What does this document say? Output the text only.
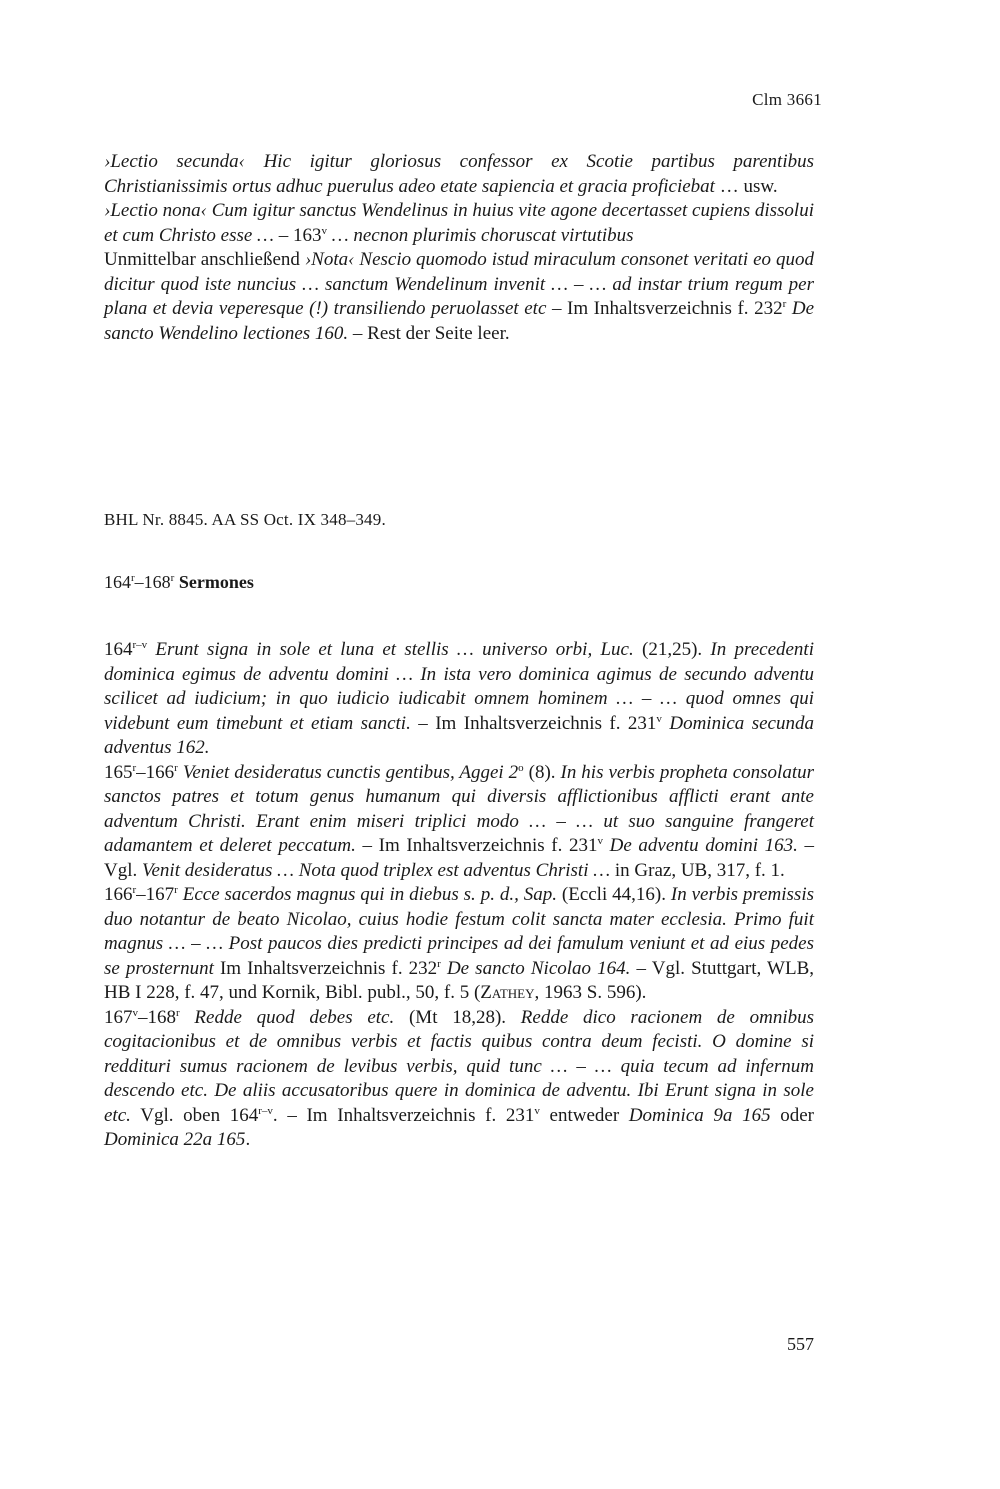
Clm 3661

›Lectio secunda‹ Hic igitur gloriosus confessor ex Scotie partibus parentibus Christianissimis ortus adhuc puerulus adeo etate sapiencia et gracia proficiebat … usw.

›Lectio nona‹ Cum igitur sanctus Wendelinus in huius vite agone decertasset cupiens dissolui et cum Christo esse … – 163$^v$ … necnon plurimis choruscat virtutibus

Unmittelbar anschließend ›Nota‹ Nescio quomodo istud miraculum consonet veritati eo quod dicitur quod iste nuncius … sanctum Wendelinum invenit … – … ad instar trium regum per plana et devia veperesque (!) transiliendo peruolasset etc – Im Inhaltsverzeichnis f. 232$^r$ De sancto Wendelino lectiones 160. – Rest der Seite leer.

BHL Nr. 8845. AA SS Oct. IX 348–349.
164$^r$–168$^r$ Sermones

164$^{r-v}$ Erunt signa in sole et luna et stellis … universo orbi, Luc. (21,25). In precedenti dominica egimus de adventu domini … In ista vero dominica agimus de secundo adventu scilicet ad iudicium; in quo iudicio iudicabit omnem hominem … – … quod omnes qui videbunt eum timebunt et etiam sancti. – Im Inhaltsverzeichnis f. 231$^v$ Dominica secunda adventus 162.

165$^r$–166$^r$ Veniet desideratus cunctis gentibus, Aggei 2$^o$ (8). In his verbis propheta consolatur sanctos patres et totum genus humanum qui diversis afflictionibus afflicti erant ante adventum Christi. Erant enim miseri triplici modo … – … ut suo sanguine frangeret adamantem et deleret peccatum. – Im Inhaltsverzeichnis f. 231$^v$ De adventu domini 163. – Vgl. Venit desideratus … Nota quod triplex est adventus Christi … in Graz, UB, 317, f. 1.

166$^r$–167$^r$ Ecce sacerdos magnus qui in diebus s. p. d., Sap. (Eccli 44,16). In verbis premissis duo notantur de beato Nicolao, cuius hodie festum colit sancta mater ecclesia. Primo fuit magnus … – … Post paucos dies predicti principes ad dei famulum veniunt et ad eius pedes se prosternunt Im Inhaltsverzeichnis f. 232$^r$ De sancto Nicolao 164. – Vgl. Stuttgart, WLB, HB I 228, f. 47, und Kornik, Bibl. publ., 50, f. 5 (Zathey, 1963 S. 596).

167$^v$–168$^r$ Redde quod debes etc. (Mt 18,28). Redde dico racionem de omnibus cogitacionibus et de omnibus verbis et factis quibus contra deum fecisti. O domine si reddituri sumus racionem de levibus verbis, quid tunc … – … quia tecum ad infernum descendo etc. De aliis accusatoribus quere in dominica de adventu. Ibi Erunt signa in sole etc. Vgl. oben 164$^{r-v}$. – Im Inhaltsverzeichnis f. 231$^v$ entweder Dominica 9a 165 oder Dominica 22a 165.

557
